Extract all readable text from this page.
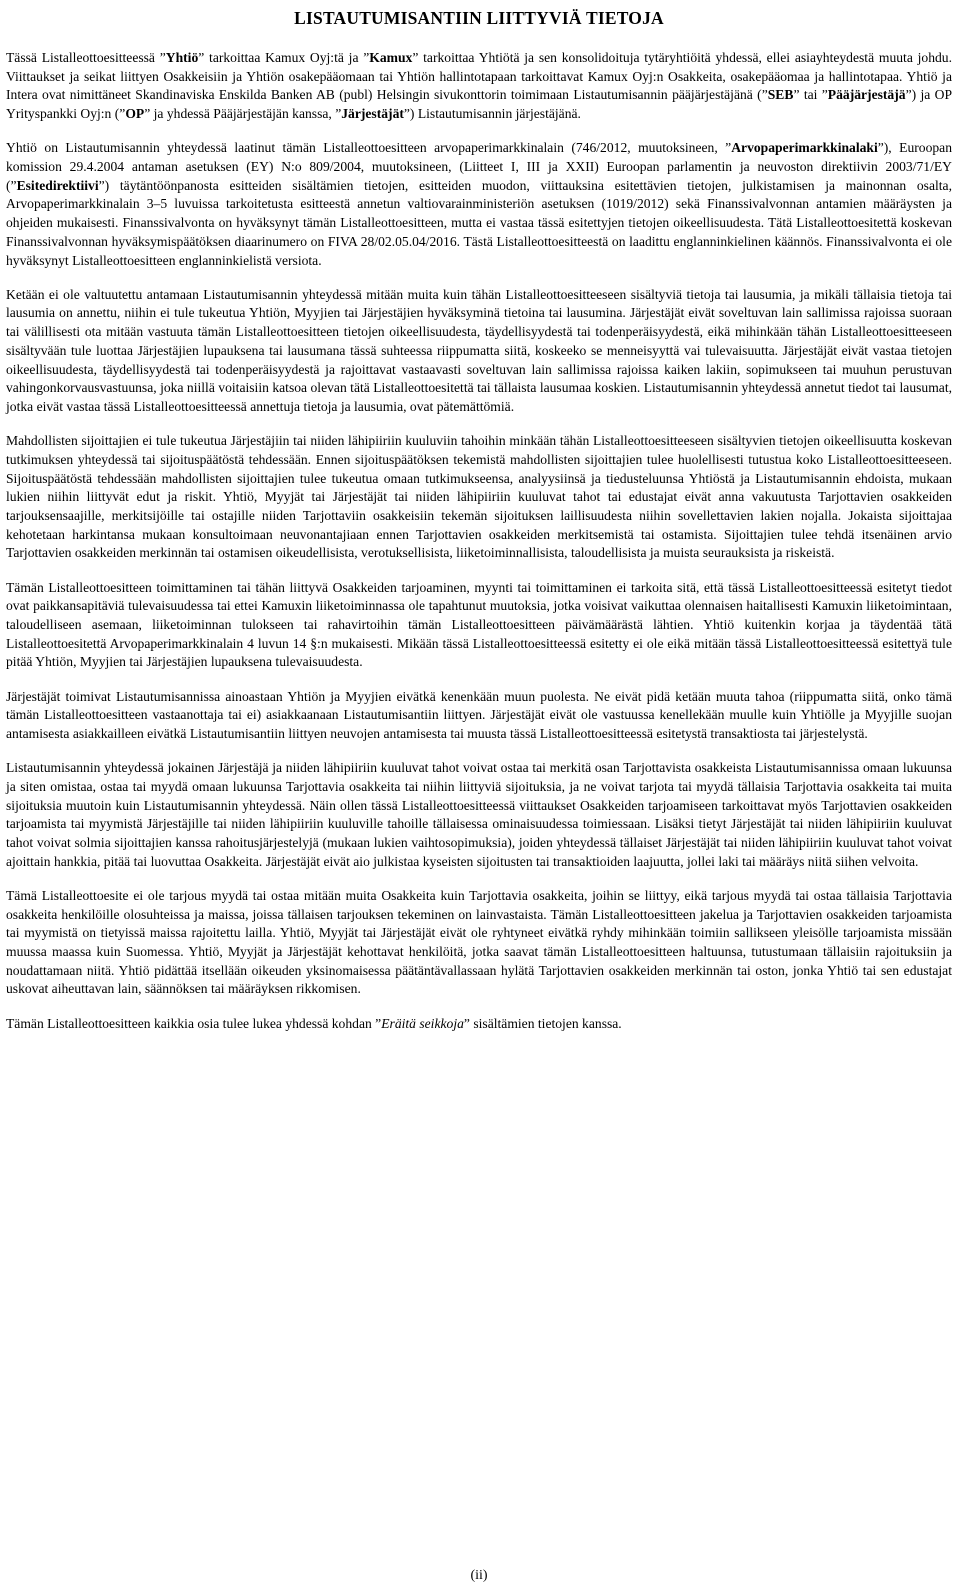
LISTAUTUMISANTIIN LIITTYVIÄ TIETOJA

Tässä Listalleottoesitteessä ”Yhtiö” tarkoittaa Kamux Oyj:tä ja ”Kamux” tarkoittaa Yhtiötä ja sen konsolidoituja tytäryhtiöitä yhdessä, ellei asiayhteydestä muuta johdu. Viittaukset ja seikat liittyen Osakkeisiin ja Yhtiön osakepääomaan tai Yhtiön hallintotapaan tarkoittavat Kamux Oyj:n Osakkeita, osakepääomaa ja hallintotapaa. Yhtiö ja Intera ovat nimittäneet Skandinaviska Enskilda Banken AB (publ) Helsingin sivukonttorin toimimaan Listautumisannin pääjärjestäjänä (”SEB” tai ”Pääjärjestäjä”) ja OP Yrityspankki Oyj:n (”OP” ja yhdessä Pääjärjestäjän kanssa, ”Järjestäjät”) Listautumisannin järjestäjänä.

Yhtiö on Listautumisannin yhteydessä laatinut tämän Listalleottoesitteen arvopaperimarkkinalain (746/2012, muutoksineen, ”Arvopaperimarkkinalaki”), Euroopan komission 29.4.2004 antaman asetuksen (EY) N:o 809/2004, muutoksineen, (Liitteet I, III ja XXII) Euroopan parlamentin ja neuvoston direktiivin 2003/71/EY (”Esitedirektiivi”) täytäntöönpanosta esitteiden sisältämien tietojen, esitteiden muodon, viittauksina esitettävien tietojen, julkistamisen ja mainonnan osalta, Arvopaperimarkkinalain 3–5 luvuissa tarkoitetusta esitteestä annetun valtiovarainministeriön asetuksen (1019/2012) sekä Finanssivalvonnan antamien määräysten ja ohjeiden mukaisesti. Finanssivalvonta on hyväksynyt tämän Listalleottoesitteen, mutta ei vastaa tässä esitettyjen tietojen oikeellisuudesta. Tätä Listalleottoesitettä koskevan Finanssivalvonnan hyväksymispäätöksen diaarinumero on FIVA 28/02.05.04/2016. Tästä Listalleottoesitteestä on laadittu englanninkielinen käännös. Finanssivalvonta ei ole hyväksynyt Listalleottoesitteen englanninkielistä versiota.

Ketään ei ole valtuutettu antamaan Listautumisannin yhteydessä mitään muita kuin tähän Listalleottoesitteeseen sisältyviä tietoja tai lausumia, ja mikäli tällaisia tietoja tai lausumia on annettu, niihin ei tule tukeutua Yhtiön, Myyjien tai Järjestäjien hyväksyminä tietoina tai lausumina. Järjestäjät eivät soveltuvan lain sallimissa rajoissa suoraan tai välillisesti ota mitään vastuuta tämän Listalleottoesitteen tietojen oikeellisuudesta, täydellisyydestä tai todenperäisyydestä, eikä mihinkään tähän Listalleottoesitteeseen sisältyvään tule luottaa Järjestäjien lupauksena tai lausumana tässä suhteessa riippumatta siitä, koskeeko se menneisyyttä vai tulevaisuutta. Järjestäjät eivät vastaa tietojen oikeellisuudesta, täydellisyydestä tai todenperäisyydestä ja rajoittavat vastaavasti soveltuvan lain sallimissa rajoissa kaiken lakiin, sopimukseen tai muuhun perustuvan vahingonkorvausvastuunsa, joka niillä voitaisiin katsoa olevan tätä Listalleottoesitettä tai tällaista lausumaa koskien. Listautumisannin yhteydessä annetut tiedot tai lausumat, jotka eivät vastaa tässä Listalleottoesitteessä annettuja tietoja ja lausumia, ovat pätemättömiä.

Mahdollisten sijoittajien ei tule tukeutua Järjestäjiin tai niiden lähipiiriin kuuluviin tahoihin minkään tähän Listalleottoesitteeseen sisältyvien tietojen oikeellisuutta koskevan tutkimuksen yhteydessä tai sijoituspäätöstä tehdessään. Ennen sijoituspäätöksen tekemistä mahdollisten sijoittajien tulee huolellisesti tutustua koko Listalleottoesitteeseen. Sijoituspäätöstä tehdessään mahdollisten sijoittajien tulee tukeutua omaan tutkimukseensa, analyysiinsä ja tiedusteluunsa Yhtiöstä ja Listautumisannin ehdoista, mukaan lukien niihin liittyvät edut ja riskit. Yhtiö, Myyjät tai Järjestäjät tai niiden lähipiiriin kuuluvat tahot tai edustajat eivät anna vakuutusta Tarjottavien osakkeiden tarjouksensaajille, merkitsijöille tai ostajille niiden Tarjottaviin osakkeisiin tekemän sijoituksen laillisuudesta niihin sovellettavien lakien nojalla. Jokaista sijoittajaa kehotetaan harkintansa mukaan konsultoimaan neuvonantajiaan ennen Tarjottavien osakkeiden merkitsemistä tai ostamista. Sijoittajien tulee tehdä itsenäinen arvio Tarjottavien osakkeiden merkinnän tai ostamisen oikeudellisista, verotuksellisista, liiketoiminnallisista, taloudellisista ja muista seurauksista ja riskeistä.

Tämän Listalleottoesitteen toimittaminen tai tähän liittyvä Osakkeiden tarjoaminen, myynti tai toimittaminen ei tarkoita sitä, että tässä Listalleottoesitteessä esitetyt tiedot ovat paikkansapitäviä tulevaisuudessa tai ettei Kamuxin liiketoiminnassa ole tapahtunut muutoksia, jotka voisivat vaikuttaa olennaisen haitallisesti Kamuxin liiketoimintaan, taloudelliseen asemaan, liiketoiminnan tulokseen tai rahavirtoihin tämän Listalleottoesitteen päivämäärästä lähtien. Yhtiö kuitenkin korjaa ja täydentää tätä Listalleottoesitettä Arvopaperimarkkinalain 4 luvun 14 §:n mukaisesti. Mikään tässä Listalleottoesitteessä esitetty ei ole eikä mitään tässä Listalleottoesitteessä esitettyä tule pitää Yhtiön, Myyjien tai Järjestäjien lupauksena tulevaisuudesta.

Järjestäjät toimivat Listautumisannissa ainoastaan Yhtiön ja Myyjien eivätkä kenenkään muun puolesta. Ne eivät pidä ketään muuta tahoa (riippumatta siitä, onko tämä tämän Listalleottoesitteen vastaanottaja tai ei) asiakkaanaan Listautumisantiin liittyen. Järjestäjät eivät ole vastuussa kenellekään muulle kuin Yhtiölle ja Myyjille suojan antamisesta asiakkailleen eivätkä Listautumisantiin liittyen neuvojen antamisesta tai muusta tässä Listalleottoesitteessä esitetystä transaktiosta tai järjestelystä.

Listautumisannin yhteydessä jokainen Järjestäjä ja niiden lähipiiriin kuuluvat tahot voivat ostaa tai merkitä osan Tarjottavista osakkeista Listautumisannissa omaan lukuunsa ja siten omistaa, ostaa tai myydä omaan lukuunsa Tarjottavia osakkeita tai niihin liittyviä sijoituksia, ja ne voivat tarjota tai myydä tällaisia Tarjottavia osakkeita tai muita sijoituksia muutoin kuin Listautumisannin yhteydessä. Näin ollen tässä Listalleottoesitteessä viittaukset Osakkeiden tarjoamiseen tarkoittavat myös Tarjottavien osakkeiden tarjoamista tai myymistä Järjestäjille tai niiden lähipiiriin kuuluville tahoille tällaisessa ominaisuudessa toimiessaan. Lisäksi tietyt Järjestäjät tai niiden lähipiiriin kuuluvat tahot voivat solmia sijoittajien kanssa rahoitusjärjestelyjä (mukaan lukien vaihtosopimuksia), joiden yhteydessä tällaiset Järjestäjät tai niiden lähipiiriin kuuluvat tahot voivat ajoittain hankkia, pitää tai luovuttaa Osakkeita. Järjestäjät eivät aio julkistaa kyseisten sijoitusten tai transaktioiden laajuutta, jollei laki tai määräys niitä siihen velvoita.

Tämä Listalleottoesite ei ole tarjous myydä tai ostaa mitään muita Osakkeita kuin Tarjottavia osakkeita, joihin se liittyy, eikä tarjous myydä tai ostaa tällaisia Tarjottavia osakkeita henkilöille olosuhteissa ja maissa, joissa tällaisen tarjouksen tekeminen on lainvastaista. Tämän Listalleottoesitteen jakelua ja Tarjottavien osakkeiden tarjoamista tai myymistä on tietyissä maissa rajoitettu lailla. Yhtiö, Myyjät tai Järjestäjät eivät ole ryhtyneet eivätkä ryhdy mihinkään toimiin sallikseen yleisölle tarjoamista missään muussa maassa kuin Suomessa. Yhtiö, Myyjät ja Järjestäjät kehottavat henkilöitä, jotka saavat tämän Listalleottoesitteen haltuunsa, tutustumaan tällaisiin rajoituksiin ja noudattamaan niitä. Yhtiö pidättää itsellään oikeuden yksinomaisessa päätäntävallassaan hylätä Tarjottavien osakkeiden merkinnän tai oston, jonka Yhtiö tai sen edustajat uskovat aiheuttavan lain, säännöksen tai määräyksen rikkomisen.

Tämän Listalleottoesitteen kaikkia osia tulee lukea yhdessä kohdan ”Eräitä seikkoja” sisältämien tietojen kanssa.

(ii)
